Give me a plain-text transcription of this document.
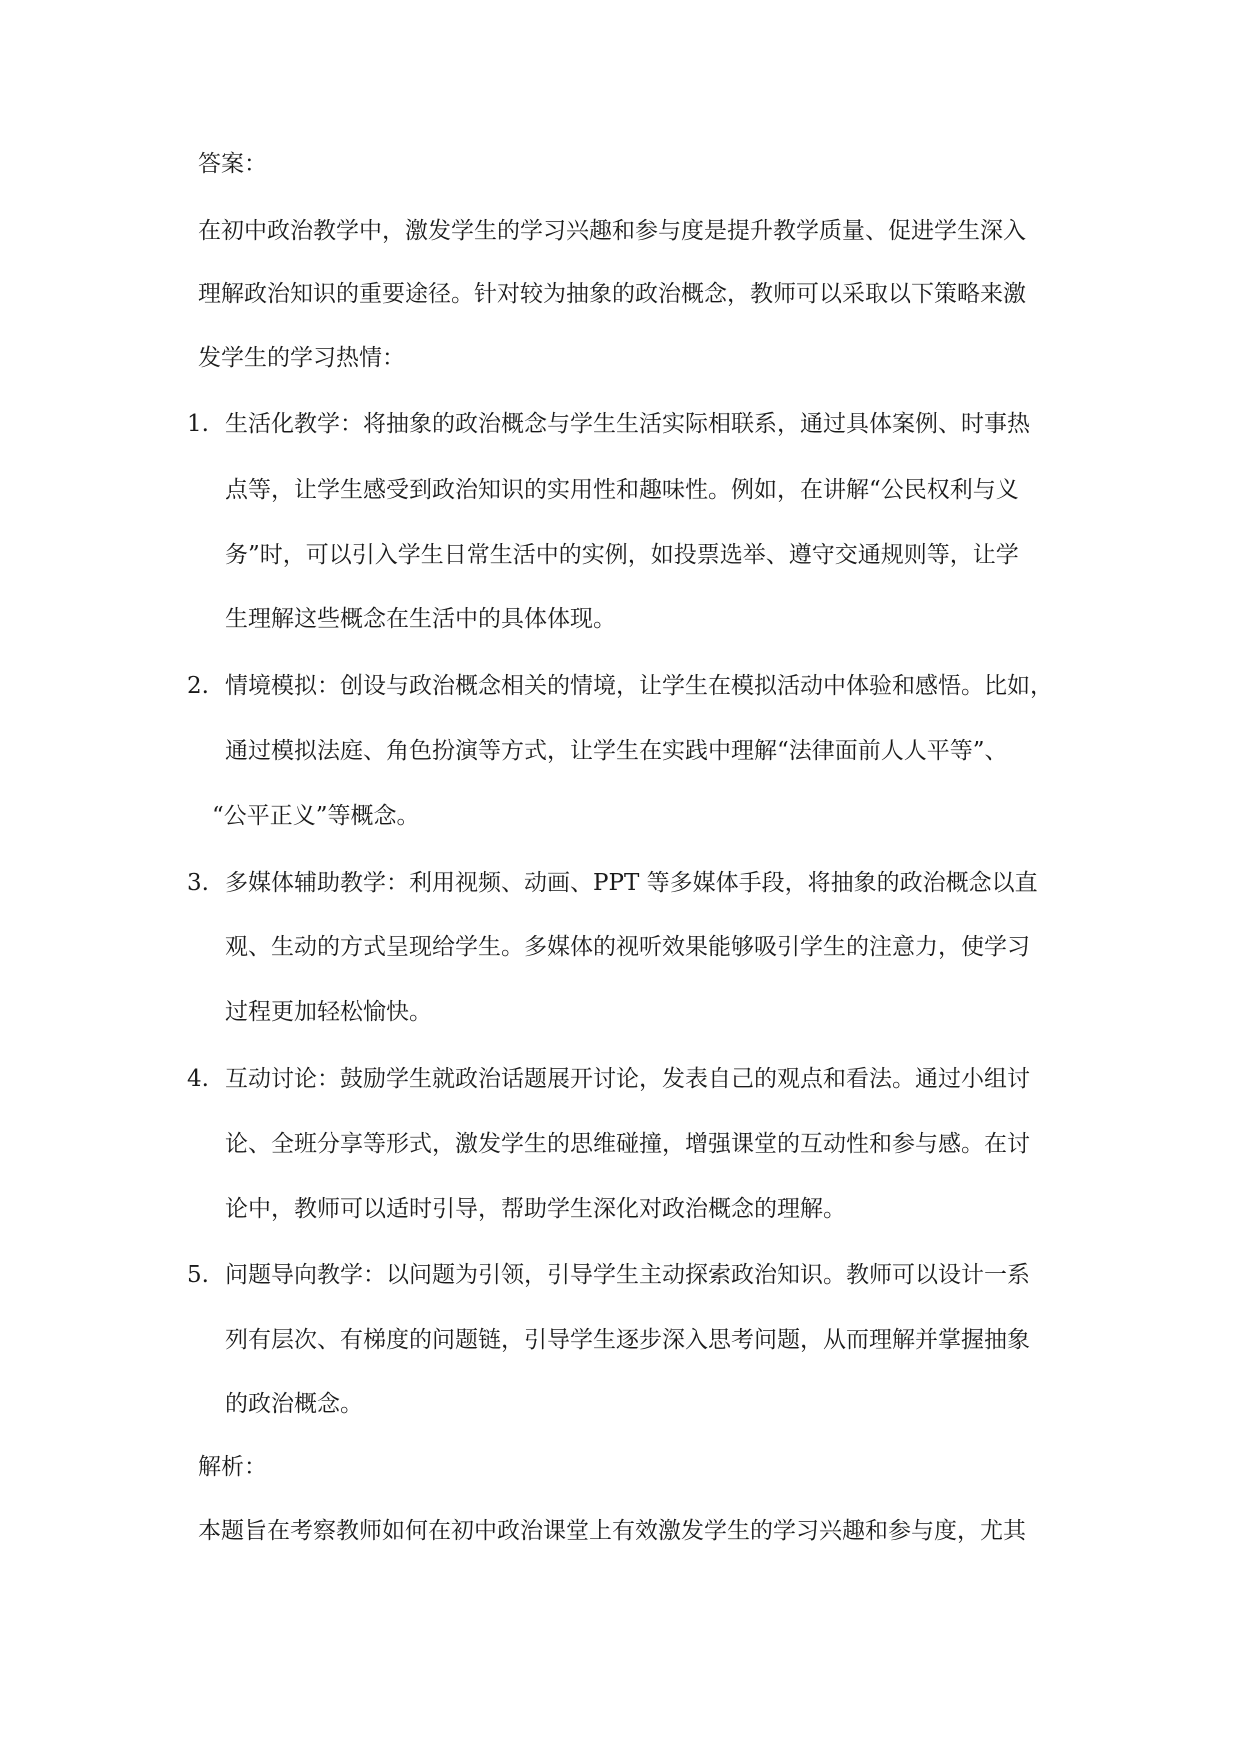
答案：
在初中政治教学中，激发学生的学习兴趣和参与度是提升教学质量、促进学生深入
理解政治知识的重要途径。针对较为抽象的政治概念，教师可以采取以下策略来激
发学生的学习热情：
1. 生活化教学：将抽象的政治概念与学生生活实际相联系，通过具体案例、时事热
点等，让学生感受到政治知识的实用性和趣味性。例如，在讲解“公民权利与义
务”时，可以引入学生日常生活中的实例，如投票选举、遵守交通规则等，让学
生理解这些概念在生活中的具体体现。
2. 情境模拟：创设与政治概念相关的情境，让学生在模拟活动中体验和感悟。比如，
通过模拟法庭、角色扮演等方式，让学生在实践中理解“法律面前人人平等”、
“公平正义”等概念。
3. 多媒体辅助教学：利用视频、动画、PPT 等多媒体手段，将抽象的政治概念以直
观、生动的方式呈现给学生。多媒体的视听效果能够吸引学生的注意力，使学习
过程更加轻松愉快。
4. 互动讨论：鼓励学生就政治话题展开讨论，发表自己的观点和看法。通过小组讨
论、全班分享等形式，激发学生的思维碰撞，增强课堂的互动性和参与感。在讨
论中，教师可以适时引导，帮助学生深化对政治概念的理解。
5. 问题导向教学：以问题为引领，引导学生主动探索政治知识。教师可以设计一系
列有层次、有梯度的问题链，引导学生逐步深入思考问题，从而理解并掌握抽象
的政治概念。
解析：
本题旨在考察教师如何在初中政治课堂上有效激发学生的学习兴趣和参与度，尤其
